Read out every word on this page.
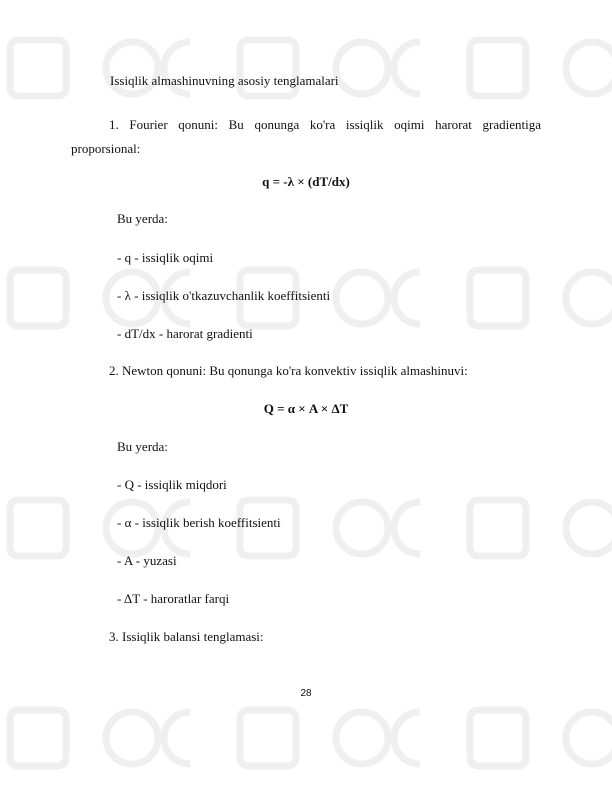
Issiqlik almashinuvning asosiy tenglamalari
1. Fourier qonuni: Bu qonunga ko'ra issiqlik oqimi harorat gradientiga proporsional:
q = -λ × (dT/dx)
Bu yerda:
- q - issiqlik oqimi
- λ - issiqlik o'tkazuvchanlik koeffitsienti
- dT/dx - harorat gradienti
2. Newton qonuni: Bu qonunga ko'ra konvektiv issiqlik almashinuvi:
Q = α × A × ΔT
Bu yerda:
- Q - issiqlik miqdori
- α - issiqlik berish koeffitsienti
- A - yuzasi
- ΔT - haroratlar farqi
3. Issiqlik balansi tenglamasi:
28
